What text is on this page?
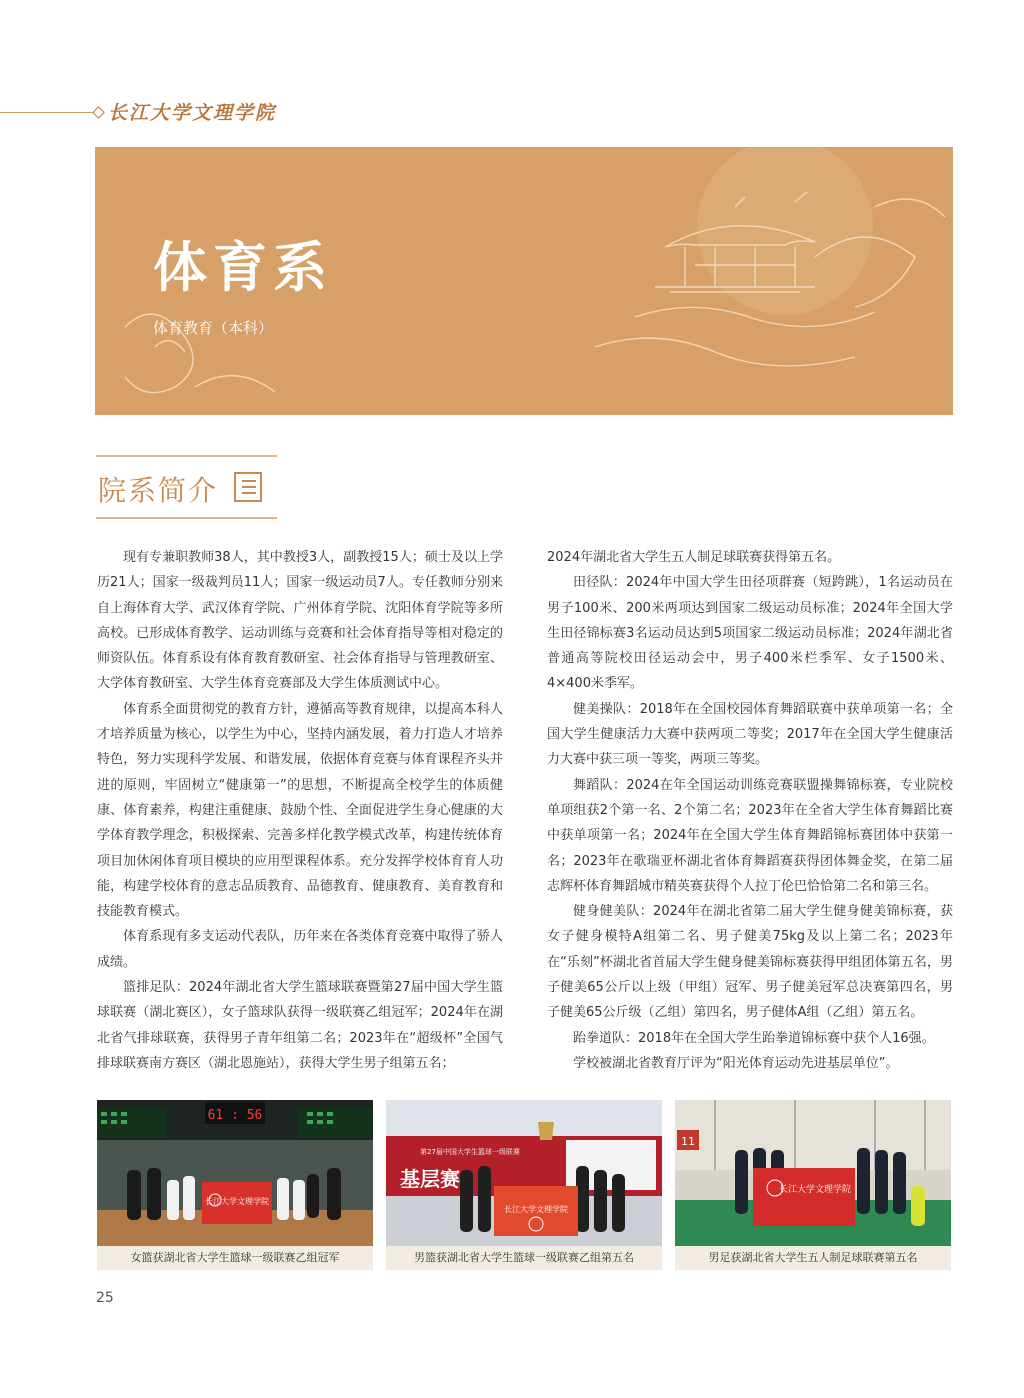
长江大学文理学院
体育系
体育教育（本科）
院系简介

现有专兼职教师38人，其中教授3人，副教授15人；硕士及以上学历21人；国家一级裁判员11人；国家一级运动员7人。专任教师分别来自上海体育大学、武汉体育学院、广州体育学院、沈阳体育学院等多所高校。已形成体育教学、运动训练与竞赛和社会体育指导等相对稳定的师资队伍。体育系设有体育教育教研室、社会体育指导与管理教研室、大学体育教研室、大学生体育竞赛部及大学生体质测试中心。

体育系全面贯彻党的教育方针，遵循高等教育规律，以提高本科人才培养质量为核心，以学生为中心，坚持内涵发展，着力打造人才培养特色，努力实现科学发展、和谐发展，依据体育竞赛与体育课程齐头并进的原则，牢固树立“健康第一”的思想，不断提高全校学生的体质健康、体育素养，构建注重健康、鼓励个性、全面促进学生身心健康的大学体育教学理念，积极探索、完善多样化教学模式改革，构建传统体育项目加休闲体育项目模块的应用型课程体系。充分发挥学校体育育人功能，构建学校体育的意志品质教育、品德教育、健康教育、美育教育和技能教育模式。

体育系现有多支运动代表队，历年来在各类体育竞赛中取得了骄人成绩。

篮排足队：2024年湖北省大学生篮球联赛暨第27届中国大学生篮球联赛（湖北赛区），女子篮球队获得一级联赛乙组冠军；2024年在湖北省气排球联赛，获得男子青年组第二名；2023年在“超级杯”全国气排球联赛南方赛区（湖北恩施站），获得大学生男子组第五名；

2024年湖北省大学生五人制足球联赛获得第五名。

田径队：2024年中国大学生田径项群赛（短跨跳），1名运动员在男子100米、200米两项达到国家二级运动员标准；2024年全国大学生田径锦标赛3名运动员达到5项国家二级运动员标准；2024年湖北省普通高等院校田径运动会中，男子400米栏季军、女子1500米、4×400米季军。

健美操队：2018年在全国校园体育舞蹈联赛中获单项第一名；全国大学生健康活力大赛中获两项二等奖；2017年在全国大学生健康活力大赛中获三项一等奖，两项三等奖。

舞蹈队：2024在年全国运动训练竞赛联盟操舞锦标赛，专业院校单项组获2个第一名、2个第二名；2023年在全省大学生体育舞蹈比赛中获单项第一名；2024年在全国大学生体育舞蹈锦标赛团体中获第一名；2023年在歌瑞亚杯湖北省体育舞蹈赛获得团体舞金奖，在第二届志辉杯体育舞蹈城市精英赛获得个人拉丁伦巴恰恰第二名和第三名。

健身健美队：2024年在湖北省第二届大学生健身健美锦标赛，获女子健身模特A组第二名、男子健美75kg及以上第二名；2023年在“乐刻”杯湖北省首届大学生健身健美锦标赛获得甲组团体第五名，男子健美65公斤以上级（甲组）冠军、男子健美冠军总决赛第四名，男子健美65公斤级（乙组）第四名，男子健体A组（乙组）第五名。

跆拳道队：2018年在全国大学生跆拳道锦标赛中获个人16强。

学校被湖北省教育厅评为“阳光体育运动先进基层单位”。

61 : 56
长江大学文理学院
女篮获湖北省大学生篮球一级联赛乙组冠军
第27届中国大学生篮球一级联赛
基层赛
长江大学文理学院
男篮获湖北省大学生篮球一级联赛乙组第五名
11
长江大学文理学院
男足获湖北省大学生五人制足球联赛第五名
25
